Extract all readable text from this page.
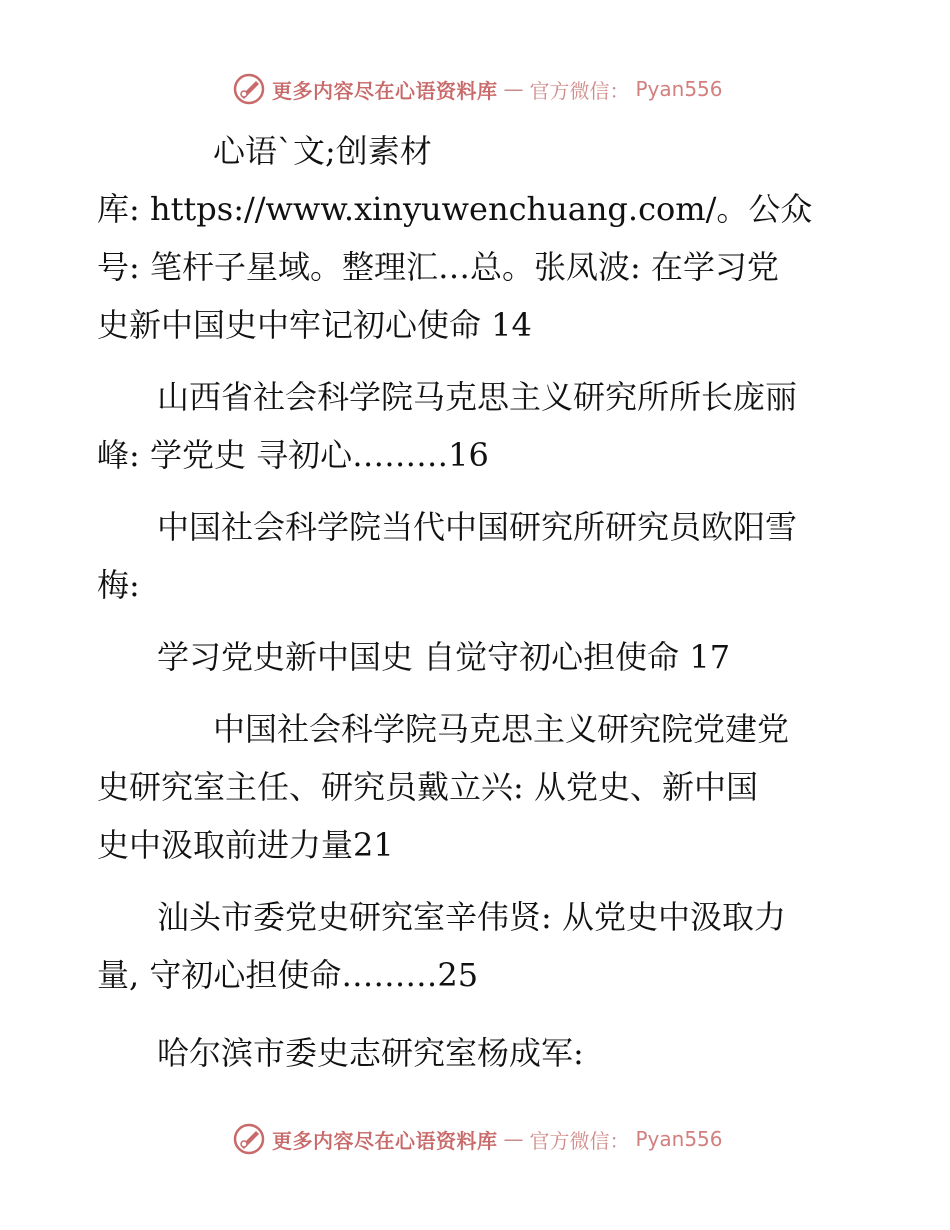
更多内容尽在心语资料库 — 官方微信： Pyan556

心语`文;创素材

库: https://www.xinyuwenchuang.com/。公众

号: 笔杆子星域。整理汇…总。张凤波: 在学习党

史新中国史中牢记初心使命 14

山西省社会科学院马克思主义研究所所长庞丽

峰: 学党史 寻初心………16

中国社会科学院当代中国研究所研究员欧阳雪

梅:

学习党史新中国史 自觉守初心担使命 17

中国社会科学院马克思主义研究院党建党

史研究室主任、研究员戴立兴: 从党史、新中国

史中汲取前进力量21

汕头市委党史研究室辛伟贤: 从党史中汲取力

量, 守初心担使命………25

哈尔滨市委史志研究室杨成军:

更多内容尽在心语资料库 — 官方微信： Pyan556
